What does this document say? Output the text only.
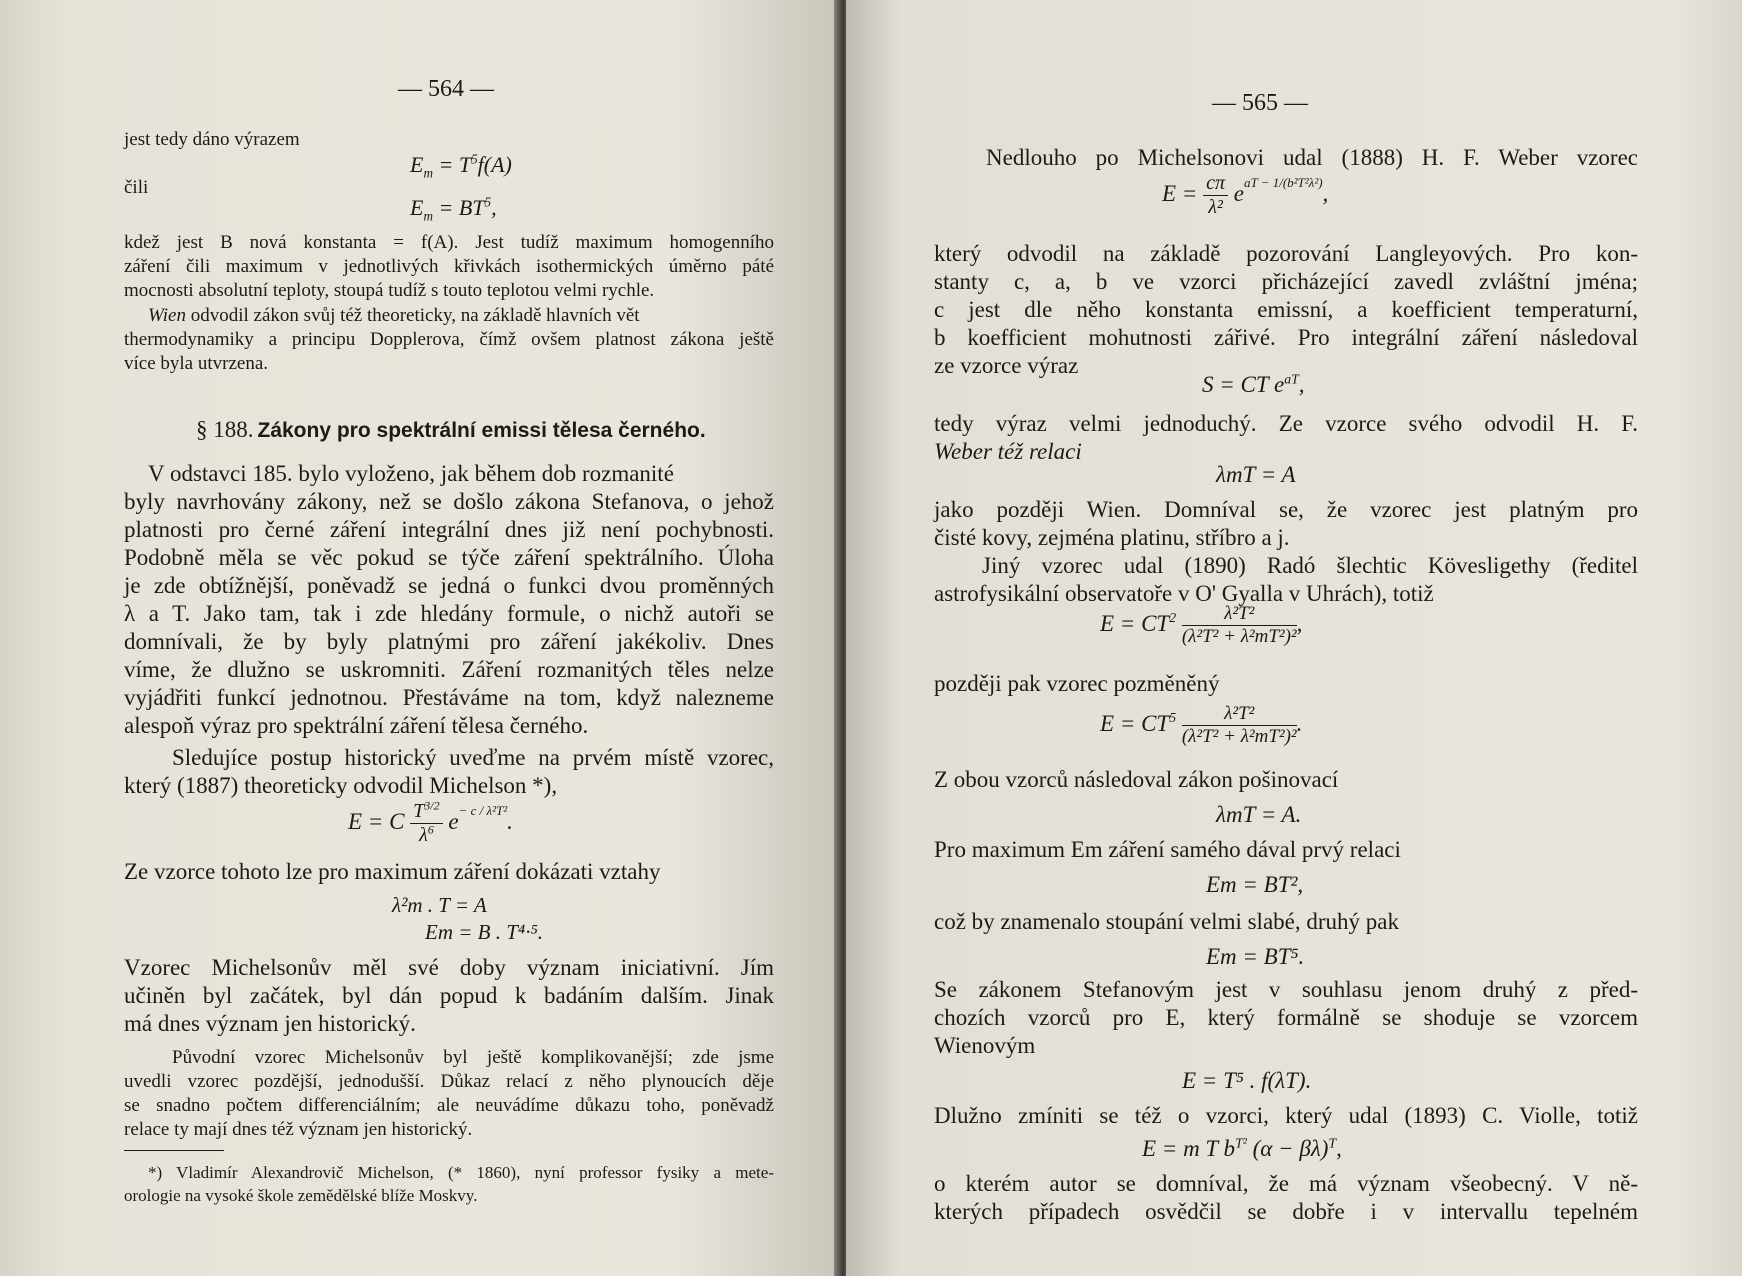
— 564 —
jest tedy dáno výrazem
$E_m = T^5f(A)$
čili
$E_m = BT^5$,
kdež jest B nová konstanta = f(A). Jest tudíž maximum homogenního
záření čili maximum v jednotlivých křivkách isothermických úměrno páté
mocnosti absolutní teploty, stoupá tudíž s touto teplotou velmi rychle.
Wien odvodil zákon svůj též theoreticky, na základě hlavních vět
thermodynamiky a principu Dopplerova, čímž ovšem platnost zákona ještě
více byla utvrzena.
§ 188. Zákony pro spektrální emissi tělesa černého.
V odstavci 185. bylo vyloženo, jak během dob rozmanité
byly navrhovány zákony, než se došlo zákona Stefanova, o jehož
platnosti pro černé záření integrální dnes již není pochybnosti.
Podobně měla se věc pokud se týče záření spektrálního. Úloha
je zde obtížnější, poněvadž se jedná o funkci dvou proměnných
λ a T. Jako tam, tak i zde hledány formule, o nichž autoři se
domnívali, že by byly platnými pro záření jakékoliv. Dnes
víme, že dlužno se uskromniti. Záření rozmanitých těles nelze
vyjádřiti funkcí jednotnou. Přestáváme na tom, když nalezneme
alespoň výraz pro spektrální záření tělesa černého.
Sledujíce postup historický uveďme na prvém místě vzorec,
který (1887) theoreticky odvodil Michelson *),
E = C $\frac{T^{3/2}}{\lambda^6} e^{- c / \lambda^2T^2}$.
Ze vzorce tohoto lze pro maximum záření dokázati vztahy
λ²m . T = A
Em = B . T⁴·⁵.
Vzorec Michelsonův měl své doby význam iniciativní. Jím
učiněn byl začátek, byl dán popud k badáním dalším. Jinak
má dnes význam jen historický.
Původní vzorec Michelsonův byl ještě komplikovanější; zde jsme
uvedli vzorec pozdější, jednodušší. Důkaz relací z něho plynoucích děje
se snadno počtem differenciálním; ale neuvádíme důkazu toho, poněvadž
relace ty mají dnes též význam jen historický.
*) Vladimír Alexandrovič Michelson, (* 1860), nyní professor fysiky a mete-
orologie na vysoké škole zemědělské blíže Moskvy.
— 565 —
Nedlouho po Michelsonovi udal (1888) H. F. Weber vzorec
$E = \frac{c\pi}{\text{λ²}} e^{aT - 1/(b^2T^2\lambda^2)}$,
který odvodil na základě pozorování Langleyových. Pro kon-
stanty c, a, b ve vzorci přicházející zavedl zvláštní jména;
c jest dle něho konstanta emissní, a koefficient temperaturní,
b koefficient mohutnosti zářivé. Pro integrální záření následoval
ze vzorce výraz
S = CT $e^{aT}$,
tedy výraz velmi jednoduchý. Ze vzorce svého odvodil H. F.
Weber též relaci
λmT = A
jako později Wien. Domníval se, že vzorec jest platným pro
čisté kovy, zejména platinu, stříbro a j.
Jiný vzorec udal (1890) Radó šlechtic Kövesligethy (ředitel
astrofysikální observatoře v O' Gyalla v Uhrách), totiž
$E = CT^2 \frac{\text{λ²T²}}{\text{(λ²T² + λ²mT²)²}}$ ,
později pak vzorec pozměněný
$E = CT^5 \frac{\text{λ²T²}}{\text{(λ²T² + λ²mT²)²}}$ .
Z obou vzorců následoval zákon pošinovací
λmT = A.
Pro maximum Em záření samého dával prvý relaci
Em = BT²,
což by znamenalo stoupání velmi slabé, druhý pak
Em = BT⁵.
Se zákonem Stefanovým jest v souhlasu jenom druhý z před-
chozích vzorců pro E, který formálně se shoduje se vzorcem
Wienovým
E = T⁵ . f(λT).
Dlužno zmíniti se též o vzorci, který udal (1893) C. Violle, totiž
E = m T $b^{T^2}$ $(\alpha - \beta\lambda)^T$,
o kterém autor se domníval, že má význam všeobecný. V ně-
kterých případech osvědčil se dobře i v intervallu tepelném
